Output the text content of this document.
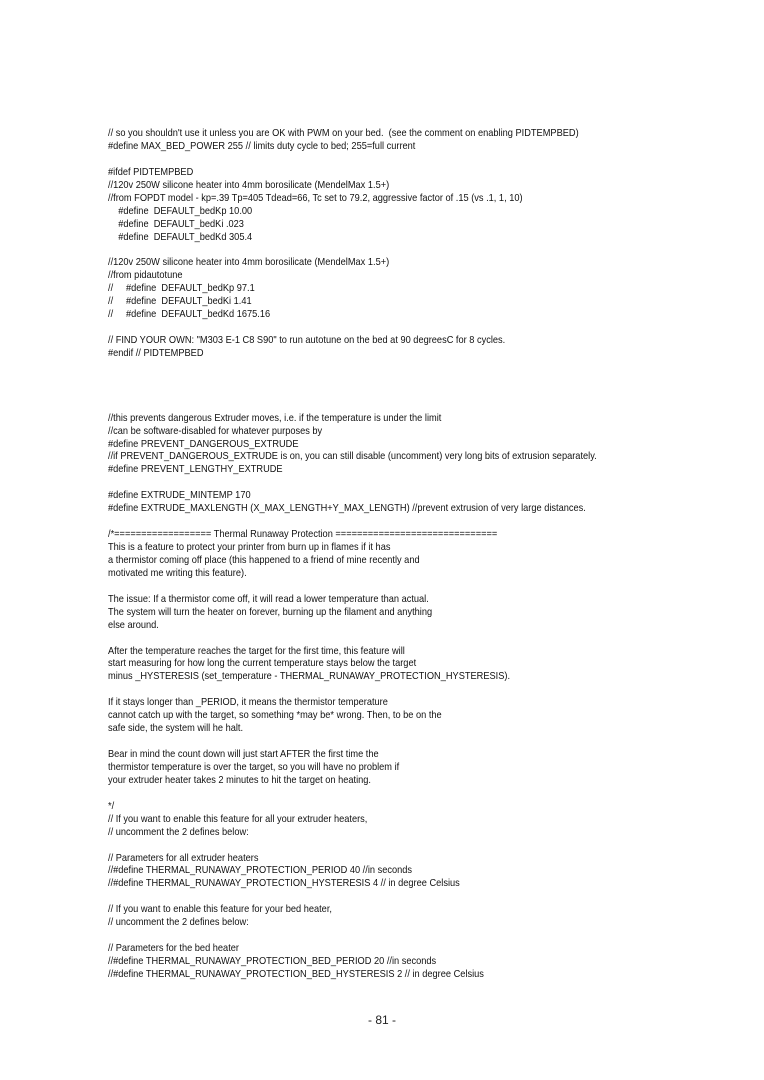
// so you shouldn't use it unless you are OK with PWM on your bed.  (see the comment on enabling PIDTEMPBED)
#define MAX_BED_POWER 255 // limits duty cycle to bed; 255=full current
#ifdef PIDTEMPBED
//120v 250W silicone heater into 4mm borosilicate (MendelMax 1.5+)
//from FOPDT model - kp=.39 Tp=405 Tdead=66, Tc set to 79.2, aggressive factor of .15 (vs .1, 1, 10)
#define  DEFAULT_bedKp 10.00
#define  DEFAULT_bedKi .023
#define  DEFAULT_bedKd 305.4
//120v 250W silicone heater into 4mm borosilicate (MendelMax 1.5+)
//from pidautotune
//     #define  DEFAULT_bedKp 97.1
//     #define  DEFAULT_bedKi 1.41
//     #define  DEFAULT_bedKd 1675.16
// FIND YOUR OWN: "M303 E-1 C8 S90" to run autotune on the bed at 90 degreesC for 8 cycles.
#endif // PIDTEMPBED
//this prevents dangerous Extruder moves, i.e. if the temperature is under the limit
//can be software-disabled for whatever purposes by
#define PREVENT_DANGEROUS_EXTRUDE
//if PREVENT_DANGEROUS_EXTRUDE is on, you can still disable (uncomment) very long bits of extrusion separately.
#define PREVENT_LENGTHY_EXTRUDE
#define EXTRUDE_MINTEMP 170
#define EXTRUDE_MAXLENGTH (X_MAX_LENGTH+Y_MAX_LENGTH) //prevent extrusion of very large distances.
/*================== Thermal Runaway Protection ==============================
This is a feature to protect your printer from burn up in flames if it has
a thermistor coming off place (this happened to a friend of mine recently and
motivated me writing this feature).
The issue: If a thermistor come off, it will read a lower temperature than actual.
The system will turn the heater on forever, burning up the filament and anything
else around.
After the temperature reaches the target for the first time, this feature will
start measuring for how long the current temperature stays below the target
minus _HYSTERESIS (set_temperature - THERMAL_RUNAWAY_PROTECTION_HYSTERESIS).
If it stays longer than _PERIOD, it means the thermistor temperature
cannot catch up with the target, so something *may be* wrong. Then, to be on the
safe side, the system will he halt.
Bear in mind the count down will just start AFTER the first time the
thermistor temperature is over the target, so you will have no problem if
your extruder heater takes 2 minutes to hit the target on heating.
*/
// If you want to enable this feature for all your extruder heaters,
// uncomment the 2 defines below:
// Parameters for all extruder heaters
//#define THERMAL_RUNAWAY_PROTECTION_PERIOD 40 //in seconds
//#define THERMAL_RUNAWAY_PROTECTION_HYSTERESIS 4 // in degree Celsius
// If you want to enable this feature for your bed heater,
// uncomment the 2 defines below:
// Parameters for the bed heater
//#define THERMAL_RUNAWAY_PROTECTION_BED_PERIOD 20 //in seconds
//#define THERMAL_RUNAWAY_PROTECTION_BED_HYSTERESIS 2 // in degree Celsius
- 81 -
